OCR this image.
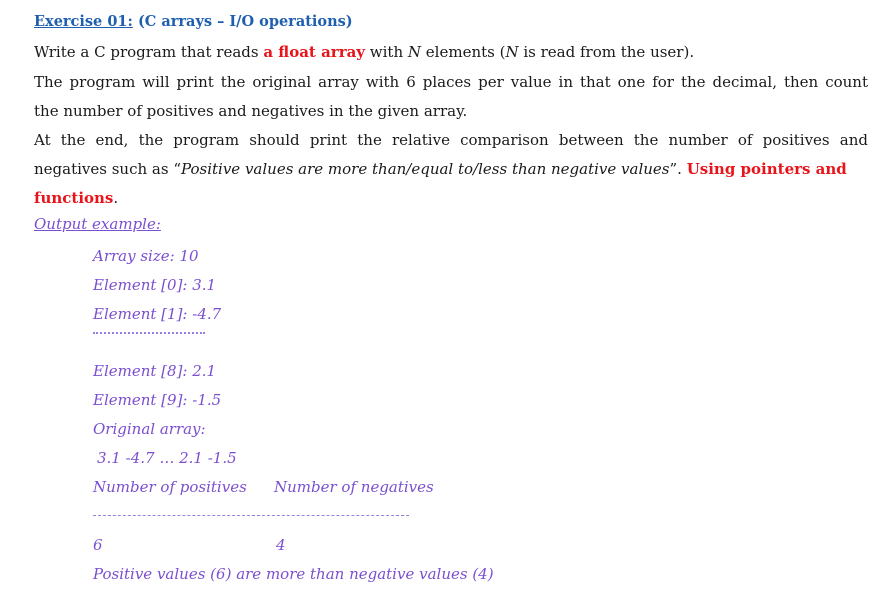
Exercise 01: (C arrays – I/O operations)
Write a C program that reads a float array with N elements (N is read from the user).
The program will print the original array with 6 places per value in that one for the decimal, then count
the number of positives and negatives in the given array.
At the end, the program should print the relative comparison between the number of positives and
negatives such as “Positive values are more than/equal to/less than negative values”. Using pointers and
functions.
Output example:
Array size: 10
Element [0]: 3.1
Element [1]: -4.7
Element [8]: 2.1
Element [9]: -1.5
Original array:
3.1 -4.7 … 2.1 -1.5
Number of positives Number of negatives
6	4
Positive values (6) are more than negative values (4)
